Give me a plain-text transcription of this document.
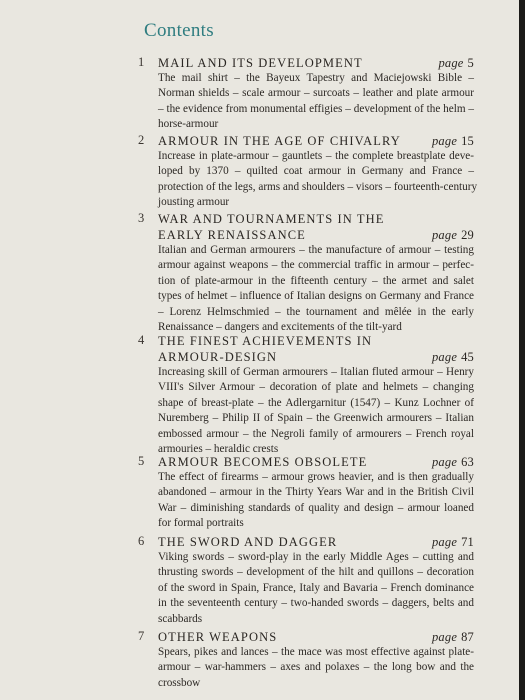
Contents
1 MAIL AND ITS DEVELOPMENT	page 5
The mail shirt – the Bayeux Tapestry and Maciejowski Bible –
Norman shields – scale armour – surcoats – leather and plate armour
– the evidence from monumental effigies – development of the helm –
horse-armour
2 ARMOUR IN THE AGE OF CHIVALRY page 15
Increase in plate-armour – gauntlets – the complete breastplate deve-
loped by 1370 – quilted coat armour in Germany and France –
protection of the legs, arms and shoulders – visors – fourteenth-century
jousting armour
3 WAR AND TOURNAMENTS IN THE
EARLY RENAISSANCE	page 29
Italian and German armourers – the manufacture of armour – testing
armour against weapons – the commercial traffic in armour – perfec-
tion of plate-armour in the fifteenth century – the armet and salet
types of helmet – influence of Italian designs on Germany and France
– Lorenz Helmschmied – the tournament and mêlée in the early
Renaissance – dangers and excitements of the tilt-yard
4 THE FINEST ACHIEVEMENTS IN
ARMOUR-DESIGN	page 45
Increasing skill of German armourers – Italian fluted armour – Henry
VIII's Silver Armour – decoration of plate and helmets – changing
shape of breast-plate – the Adlergarnitur (1547) – Kunz Lochner of
Nuremberg – Philip II of Spain – the Greenwich armourers – Italian
embossed armour – the Negroli family of armourers – French royal
armouries – heraldic crests
5 ARMOUR BECOMES OBSOLETE	page 63
The effect of firearms – armour grows heavier, and is then gradually
abandoned – armour in the Thirty Years War and in the British Civil
War – diminishing standards of quality and design – armour loaned
for formal portraits
6 THE SWORD AND DAGGER	page 71
Viking swords – sword-play in the early Middle Ages – cutting and
thrusting swords – development of the hilt and quillons – decoration
of the sword in Spain, France, Italy and Bavaria – French dominance
in the seventeenth century – two-handed swords – daggers, belts and
scabbards
7 OTHER WEAPONS	page 87
Spears, pikes and lances – the mace was most effective against plate-
armour – war-hammers – axes and polaxes – the long bow and the
crossbow
